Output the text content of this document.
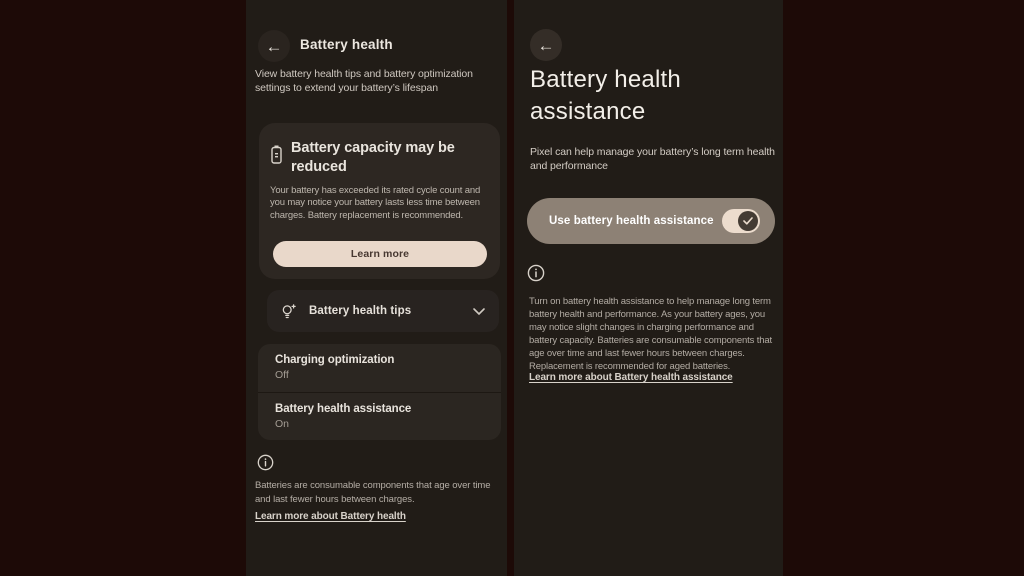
← Battery health
View battery health tips and battery optimization settings to extend your battery’s lifespan
Battery capacity may be reduced
Your battery has exceeded its rated cycle count and you may notice your battery lasts less time between charges. Battery replacement is recommended.
Learn more
Battery health tips
Charging optimization
Off
Battery health assistance
On
Batteries are consumable components that age over time and last fewer hours between charges.
Learn more about Battery health
←
Battery health assistance
Pixel can help manage your battery’s long term health and performance
Use battery health assistance
Turn on battery health assistance to help manage long term battery health and performance. As your battery ages, you may notice slight changes in charging performance and battery capacity. Batteries are consumable components that age over time and last fewer hours between charges. Replacement is recommended for aged batteries.
Learn more about Battery health assistance
